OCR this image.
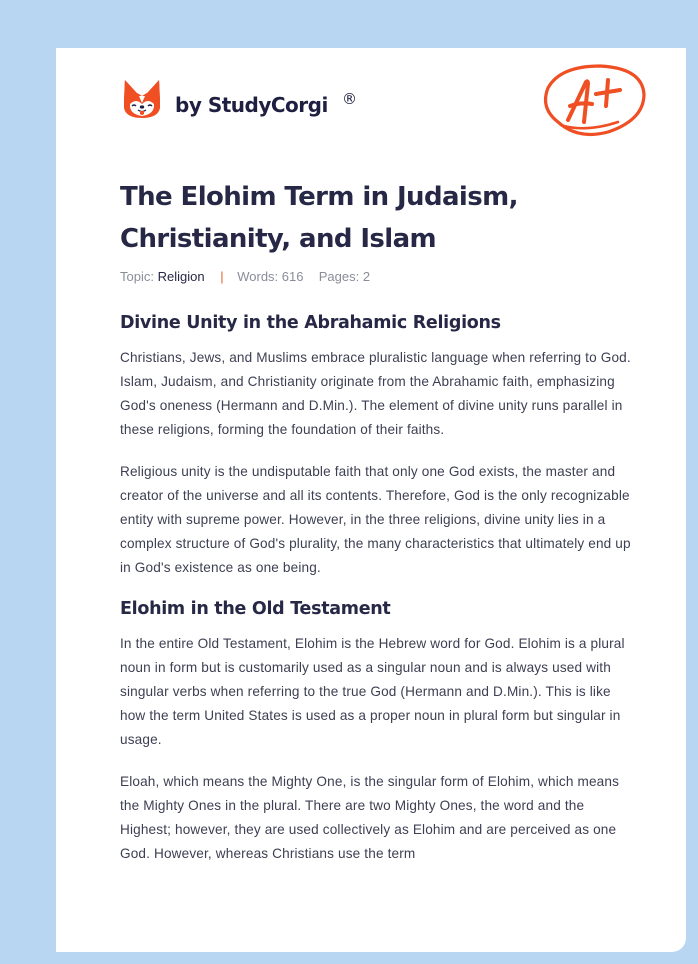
by StudyCorgi ®
The Elohim Term in Judaism, Christianity, and Islam
Topic: Religion | Words: 616 Pages: 2
Divine Unity in the Abrahamic Religions

Christians, Jews, and Muslims embrace pluralistic language when referring to God. Islam, Judaism, and Christianity originate from the Abrahamic faith, emphasizing God's oneness (Hermann and D.Min.). The element of divine unity runs parallel in these religions, forming the foundation of their faiths.

Religious unity is the undisputable faith that only one God exists, the master and creator of the universe and all its contents. Therefore, God is the only recognizable entity with supreme power. However, in the three religions, divine unity lies in a complex structure of God's plurality, the many characteristics that ultimately end up in God's existence as one being.

Elohim in the Old Testament

In the entire Old Testament, Elohim is the Hebrew word for God. Elohim is a plural noun in form but is customarily used as a singular noun and is always used with singular verbs when referring to the true God (Hermann and D.Min.). This is like how the term United States is used as a proper noun in plural form but singular in usage.

Eloah, which means the Mighty One, is the singular form of Elohim, which means the Mighty Ones in the plural. There are two Mighty Ones, the word and the Highest; however, they are used collectively as Elohim and are perceived as one God. However, whereas Christians use the term
